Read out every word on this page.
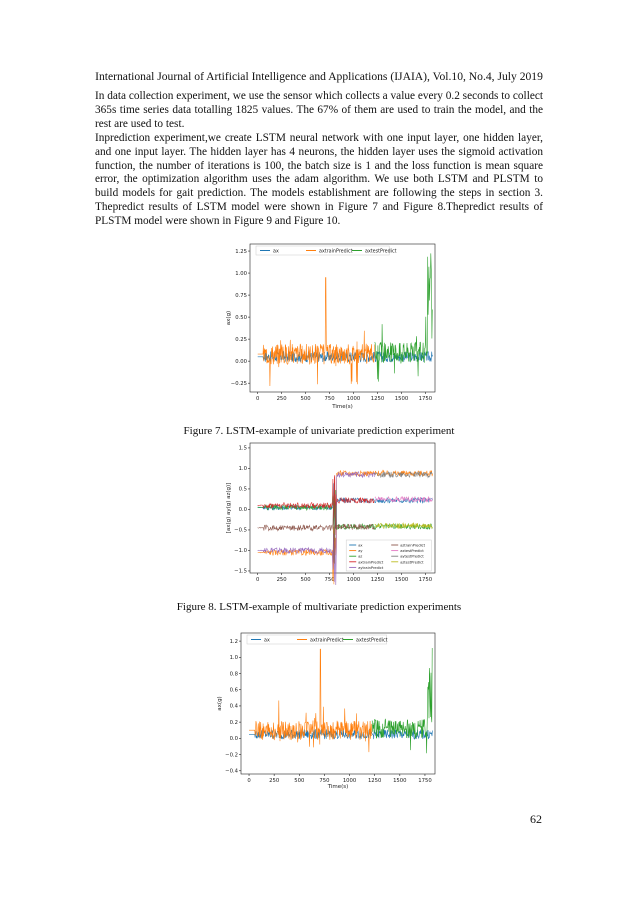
International Journal of Artificial Intelligence and Applications (IJAIA), Vol.10, No.4, July 2019

In data collection experiment, we use the sensor which collects a value every 0.2 seconds to collect 365s time series data totalling 1825 values. The 67% of them are used to train the model, and the rest are used to test.

Inprediction experiment,we create LSTM neural network with one input layer, one hidden layer, and one input layer. The hidden layer has 4 neurons, the hidden layer uses the sigmoid activation function, the number of iterations is 100, the batch size is 1 and the loss function is mean square error, the optimization algorithm uses the adam algorithm. We use both LSTM and PLSTM to build models for gait prediction. The models establishment are following the steps in section 3. Thepredict results of LSTM model were shown in Figure 7 and Figure 8.Thepredict results of PLSTM model were shown in Figure 9 and Figure 10.

0	250	500	750 1000 1250 1500 1750
−0.25
0.00
0.25
0.50
0.75
1.00
1.25
Time(s)
ax(g)
ax	axtrainPredict	axtestPredict
Figure 7. LSTM-example of univariate prediction experiment
0	250	500	750 1000 1250 1500 1750
−1.5
−1.0
−0.5
0.0
0.5
1.0
1.5
[ax(g) ay(g) az(g)]
ax
ay
az
axtrainPredict
aytrainPredict
aztrainPredict
axtestPredict
aytestPredict
aztestPredict
Figure 8. LSTM-example of multivariate prediction experiments
0	250	500	750	1000 1250 1500 1750
−0.4
−0.2
0.0
0.2
0.4
0.6
0.8
1.0
1.2
Time(s)
ax(g)
ax	axtrainPredict	axtestPredict
62
